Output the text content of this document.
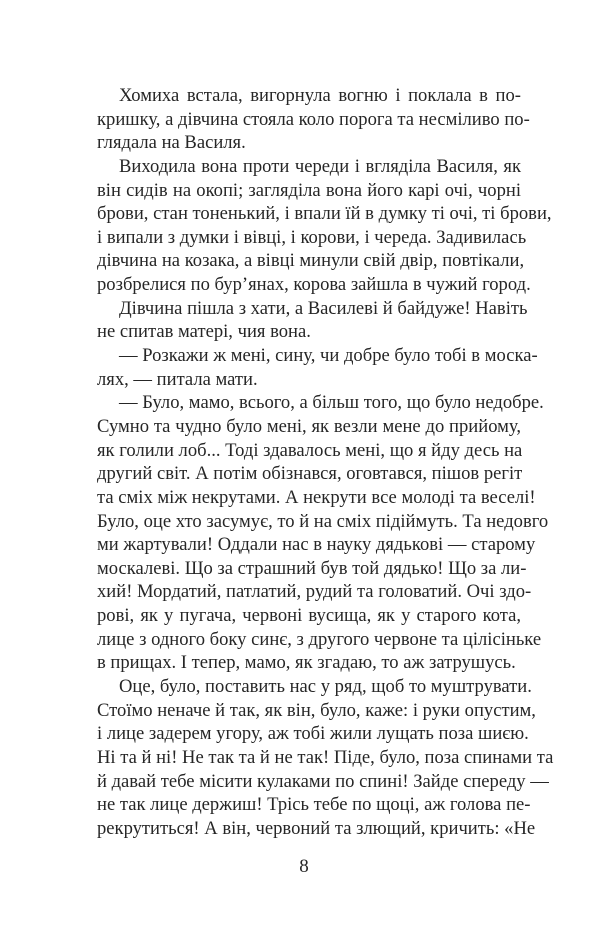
Хомиха встала, вигорнула вогню і поклала в по-
кришку, а дівчина стояла коло порога та несміливо по-
глядала на Василя.
Виходила вона проти череди і вгляділа Василя, як
він сидів на окопі; загляділа вона його карі очі, чорні
брови, стан тоненький, і впали їй в думку ті очі, ті брови,
і випали з думки і вівці, і корови, і череда. Задивилась
дівчина на козака, а вівці минули свій двір, повтікали,
розбрелися по бур’янах, корова зайшла в чужий город.
Дівчина пішла з хати, а Василеві й байдуже! Навіть
не спитав матері, чия вона.
— Розкажи ж мені, сину, чи добре було тобі в моска-
лях, — питала мати.
— Було, мамо, всього, а більш того, що було недобре.
Сумно та чудно було мені, як везли мене до прийому,
як голили лоб... Тоді здавалось мені, що я йду десь на
другий світ. А потім обізнався, оговтався, пішов регіт
та сміх між некрутами. А некрути все молоді та веселі!
Було, оце хто засумує, то й на сміх підіймуть. Та недовго
ми жартували! Оддали нас в науку дядькові — старому
москалеві. Що за страшний був той дядько! Що за ли-
хий! Мордатий, патлатий, рудий та головатий. Очі здо-
рові, як у пугача, червоні вусища, як у старого кота,
лице з одного боку синє, з другого червоне та цілісіньке
в прищах. І тепер, мамо, як згадаю, то аж затрушусь.
Оце, було, поставить нас у ряд, щоб то муштрувати.
Стоїмо неначе й так, як він, було, каже: і руки опустим,
і лице задерем угору, аж тобі жили лущать поза шиєю.
Ні та й ні! Не так та й не так! Піде, було, поза спинами та
й давай тебе місити кулаками по спині! Зайде спереду —
не так лице держиш! Трісь тебе по щоці, аж голова пе-
рекрутиться! А він, червоний та злющий, кричить: «Не
8
